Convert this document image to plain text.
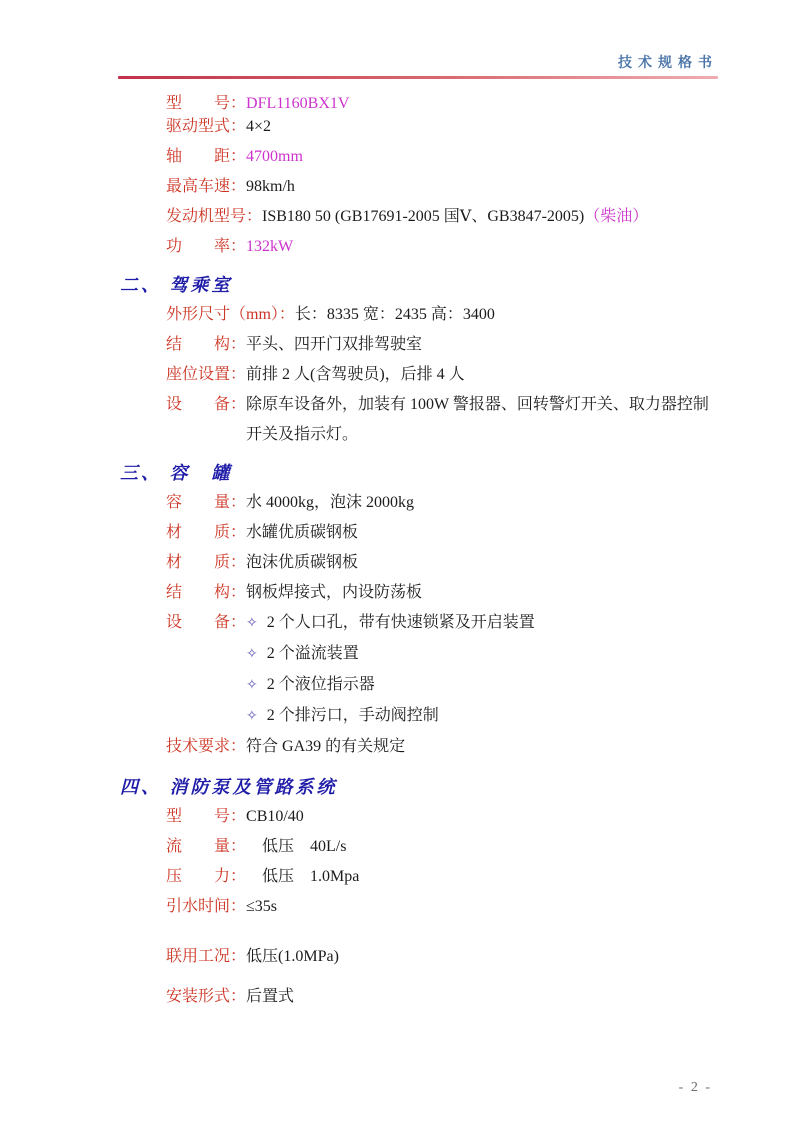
技术规格书
型　　号： DFL1160BX1V
驱动型式： 4×2
轴　　距： 4700mm
最高车速： 98km/h
发动机型号： ISB180 50 (GB17691-2005 国Ⅴ、GB3847-2005)（柴油）
功　　率： 132kW
二、 驾乘室
外形尺寸（mm）： 长：8335 宽：2435 高：3400
结　　构： 平头、四开门双排驾驶室
座位设置： 前排 2 人(含驾驶员)，后排 4 人
设　　备： 除原车设备外，加装有 100W 警报器、回转警灯开关、取力器控制开关及指示灯。
三、 容　罐
容　　量： 水 4000kg，泡沫 2000kg
材　　质： 水罐优质碳钢板
材　　质： 泡沫优质碳钢板
结　　构： 钢板焊接式，内设防荡板
设　　备： ✧ 2 个人口孔，带有快速锁紧及开启装置
✧ 2 个溢流装置
✧ 2 个液位指示器
✧ 2 个排污口，手动阀控制
技术要求： 符合 GA39 的有关规定
四、 消防泵及管路系统
型　　号： CB10/40
流　　量： 　低压　40L/s
压　　力： 　低压　1.0Mpa
引水时间： ≤35s
联用工况： 低压(1.0MPa)
安装形式： 后置式
- 2 -
